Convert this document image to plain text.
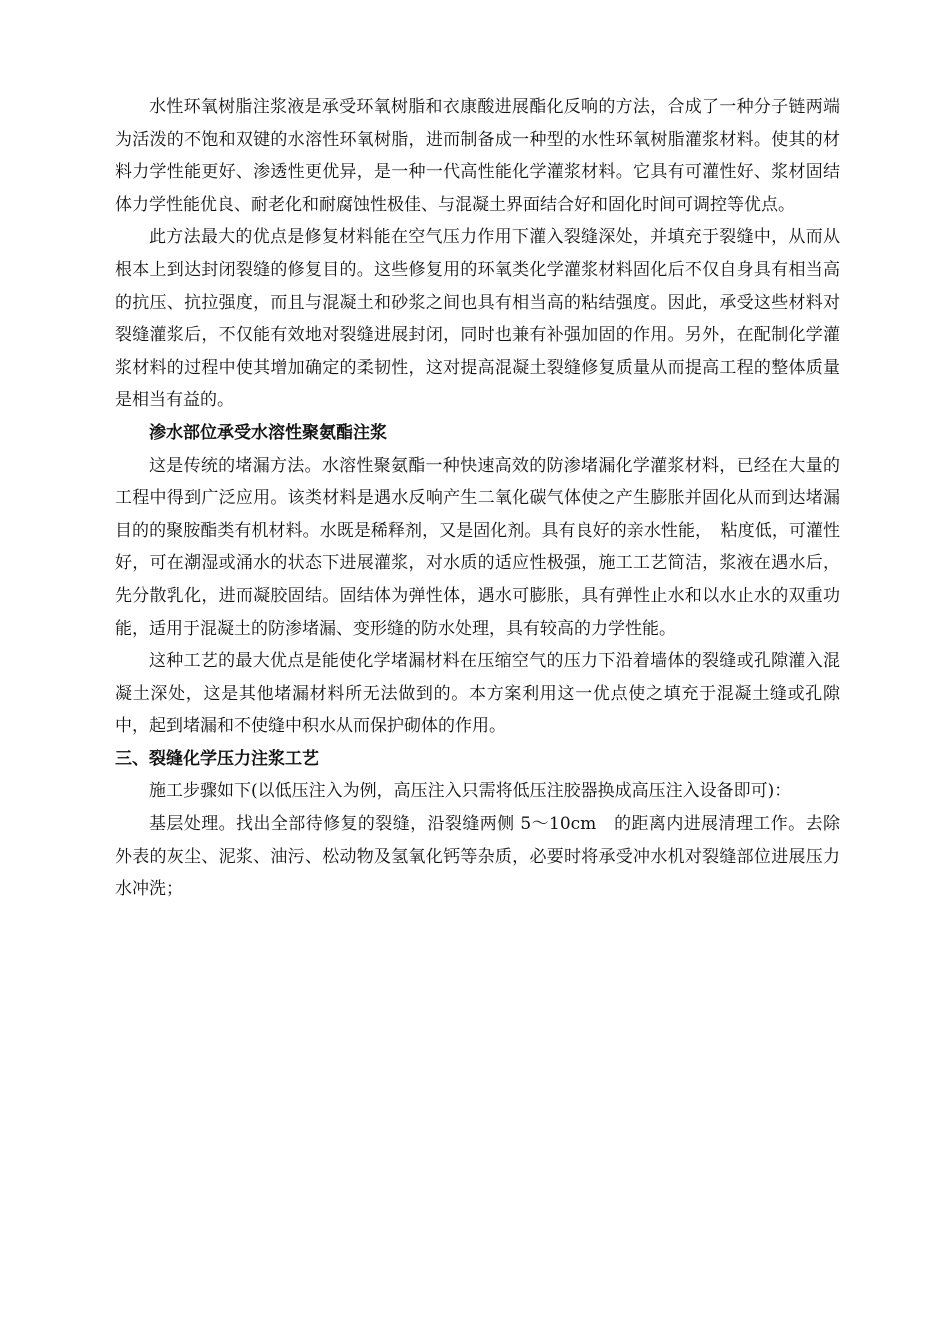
水性环氧树脂注浆液是承受环氧树脂和衣康酸进展酯化反响的方法，合成了一种分子链两端为活泼的不饱和双键的水溶性环氧树脂，进而制备成一种型的水性环氧树脂灌浆材料。使其的材料力学性能更好、渗透性更优异，是一种一代高性能化学灌浆材料。它具有可灌性好、浆材固结体力学性能优良、耐老化和耐腐蚀性极佳、与混凝土界面结合好和固化时间可调控等优点。

此方法最大的优点是修复材料能在空气压力作用下灌入裂缝深处，并填充于裂缝中，从而从根本上到达封闭裂缝的修复目的。这些修复用的环氧类化学灌浆材料固化后不仅自身具有相当高的抗压、抗拉强度，而且与混凝土和砂浆之间也具有相当高的粘结强度。因此，承受这些材料对裂缝灌浆后，不仅能有效地对裂缝进展封闭，同时也兼有补强加固的作用。另外，在配制化学灌浆材料的过程中使其增加确定的柔韧性，这对提高混凝土裂缝修复质量从而提高工程的整体质量是相当有益的。

渗水部位承受水溶性聚氨酯注浆

这是传统的堵漏方法。水溶性聚氨酯一种快速高效的防渗堵漏化学灌浆材料，已经在大量的工程中得到广泛应用。该类材料是遇水反响产生二氧化碳气体使之产生膨胀并固化从而到达堵漏目的的聚胺酯类有机材料。水既是稀释剂，又是固化剂。具有良好的亲水性能，　粘度低，可灌性好，可在潮湿或涌水的状态下进展灌浆，对水质的适应性极强，施工工艺简洁，浆液在遇水后，先分散乳化，进而凝胶固结。固结体为弹性体，遇水可膨胀，具有弹性止水和以水止水的双重功能，适用于混凝土的防渗堵漏、变形缝的防水处理，具有较高的力学性能。

这种工艺的最大优点是能使化学堵漏材料在压缩空气的压力下沿着墙体的裂缝或孔隙灌入混凝土深处，这是其他堵漏材料所无法做到的。本方案利用这一优点使之填充于混凝土缝或孔隙中，起到堵漏和不使缝中积水从而保护砌体的作用。

三、裂缝化学压力注浆工艺

施工步骤如下(以低压注入为例，高压注入只需将低压注胶器换成高压注入设备即可)：

基层处理。找出全部待修复的裂缝，沿裂缝两侧 5～10cm　的距离内进展清理工作。去除外表的灰尘、泥浆、油污、松动物及氢氧化钙等杂质，必要时将承受冲水机对裂缝部位进展压力水冲洗；
